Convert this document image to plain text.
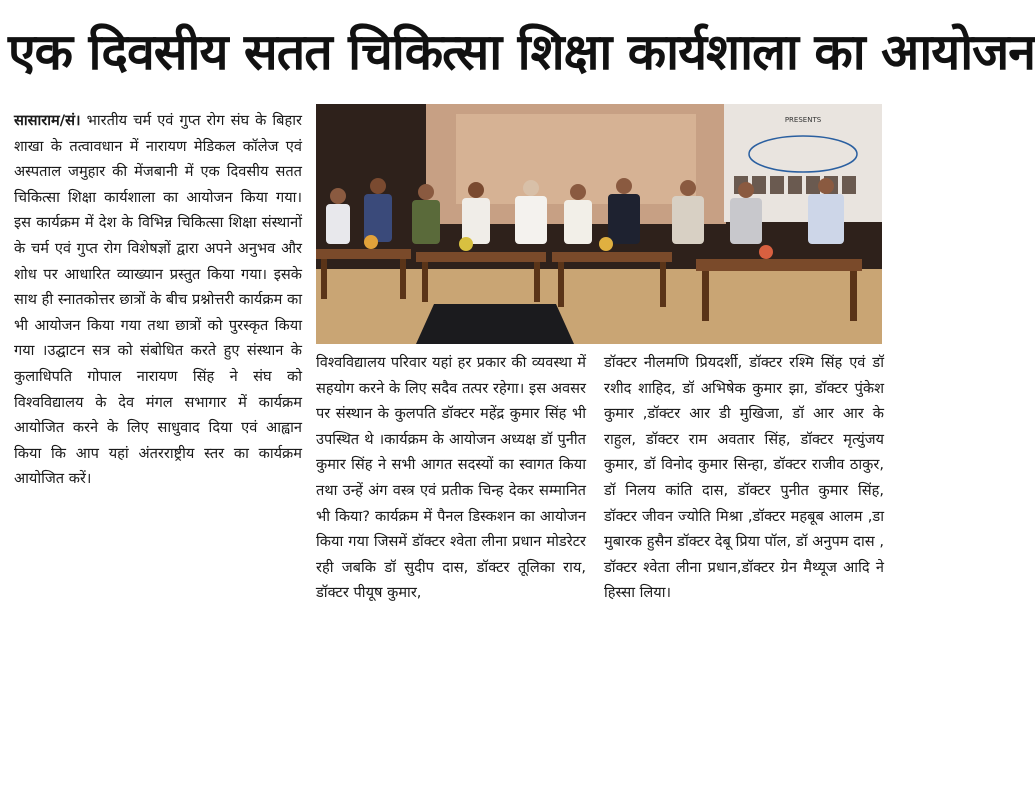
एक दिवसीय सतत चिकित्सा शिक्षा कार्यशाला का आयोजन
सासाराम/सं। भारतीय चर्म एवं गुप्त रोग संघ के बिहार शाखा के तत्वावधान में नारायण मेडिकल कॉलेज एवं अस्पताल जमुहार की मेंजबानी में एक दिवसीय सतत चिकित्सा शिक्षा कार्यशाला का आयोजन किया गया। इस कार्यक्रम में देश के विभिन्न चिकित्सा शिक्षा संस्थानों के चर्म एवं गुप्त रोग विशेषज्ञों द्वारा अपने अनुभव और शोध पर आधारित व्याख्यान प्रस्तुत किया गया। इसके साथ ही स्नातकोत्तर छात्रों के बीच प्रश्नोत्तरी कार्यक्रम का भी आयोजन किया गया तथा छात्रों को पुरस्कृत किया गया ।उद्घाटन सत्र को संबोधित करते हुए संस्थान के कुलाधिपति गोपाल नारायण सिंह ने संघ को विश्वविद्यालय के देव मंगल सभागार में कार्यक्रम आयोजित करने के लिए साधुवाद दिया एवं आह्वान किया कि आप यहां अंतरराष्ट्रीय स्तर का कार्यक्रम आयोजित करें।
PRESENTS
विश्वविद्यालय परिवार यहां हर प्रकार की व्यवस्था में सहयोग करने के लिए सदैव तत्पर रहेगा। इस अवसर पर संस्थान के कुलपति डॉक्टर महेंद्र कुमार सिंह भी उपस्थित थे ।कार्यक्रम के आयोजन अध्यक्ष डॉ पुनीत कुमार सिंह ने सभी आगत सदस्यों का स्वागत किया तथा उन्हें अंग वस्त्र एवं प्रतीक चिन्ह देकर सम्मानित भी किया? कार्यक्रम में पैनल डिस्कशन का आयोजन किया गया जिसमें डॉक्टर श्वेता लीना प्रधान मोडरेटर रही जबकि डॉ सुदीप दास, डॉक्टर तूलिका राय, डॉक्टर पीयूष कुमार,
डॉक्टर नीलमणि प्रियदर्शी, डॉक्टर रश्मि सिंह एवं डॉ रशीद शाहिद, डॉ अभिषेक कुमार झा, डॉक्टर पुंकेश कुमार ,डॉक्टर आर डी मुखिजा, डॉ आर आर के राहुल, डॉक्टर राम अवतार सिंह, डॉक्टर मृत्युंजय कुमार, डॉ विनोद कुमार सिन्हा, डॉक्टर राजीव ठाकुर, डॉ निलय कांति दास, डॉक्टर पुनीत कुमार सिंह, डॉक्टर जीवन ज्योति मिश्रा ,डॉक्टर महबूब आलम ,डा मुबारक हुसैन डॉक्टर देबू प्रिया पॉल, डॉ अनुपम दास , डॉक्टर श्वेता लीना प्रधान,डॉक्टर ग्रेन मैथ्यूज आदि ने हिस्सा लिया।
